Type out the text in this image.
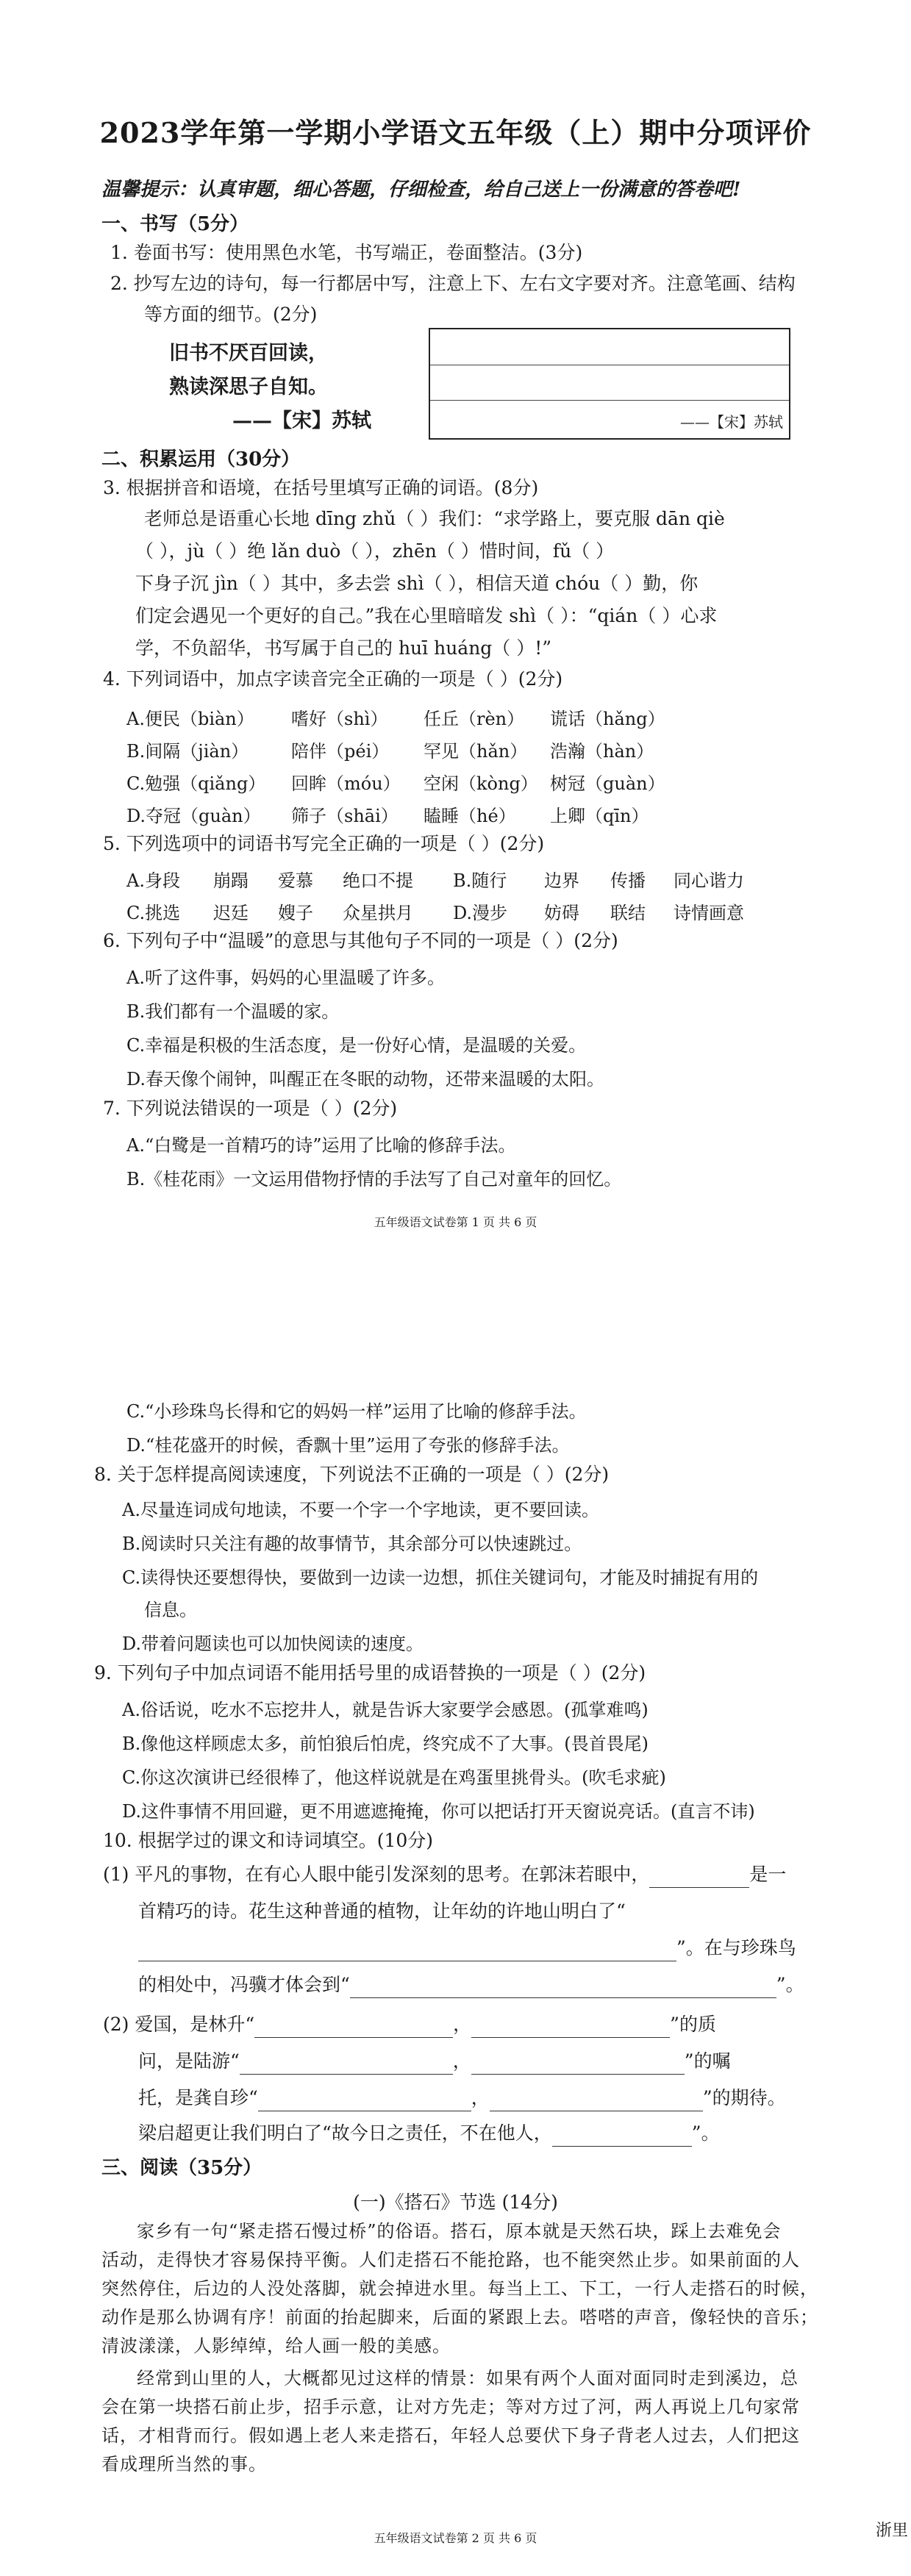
2023学年第一学期小学语文五年级（上）期中分项评价
温馨提示：认真审题，细心答题，仔细检查，给自己送上一份满意的答卷吧!
一、书写（5分）
1. 卷面书写：使用黑色水笔，书写端正，卷面整洁。(3分)
2. 抄写左边的诗句，每一行都居中写，注意上下、左右文字要对齐。注意笔画、结构
等方面的细节。(2分)
旧书不厌百回读，
熟读深思子自知。
——【宋】苏轼	——【宋】苏轼
二、积累运用（30分）
3. 根据拼音和语境，在括号里填写正确的词语。(8分)
老师总是语重心长地 dīng zhǔ（ ）我们：“求学路上，要克服 dān qiè
（ ），jù（ ）绝 lǎn duò（ ），zhēn（ ）惜时间，fǔ（ ）
下身子沉 jìn（ ）其中，多去尝 shì（ ），相信天道 chóu（ ）勤，你
们定会遇见一个更好的自己。”我在心里暗暗发 shì（ ）：“qián（ ）心求
学，不负韶华，书写属于自己的 huī huáng（ ）!”
4. 下列词语中，加点字读音完全正确的一项是（ ）(2分)
A.便民（biàn） 嗜好（shì） 任丘（rèn） 谎话（hǎng）
B.间隔（jiàn） 陪伴（péi） 罕见（hǎn） 浩瀚（hàn）
C.勉强（qiǎng） 回眸（móu） 空闲（kòng） 树冠（guàn）
D.夺冠（guàn） 筛子（shāi） 瞌睡（hé） 上卿（qīn）
5. 下列选项中的词语书写完全正确的一项是（ ）(2分)
A.身段 崩蹋 爱慕 绝口不提 B.随行 边界 传播 同心谐力
C.挑选 迟廷 嫂子 众星拱月 D.漫步 妨碍 联结 诗情画意
6. 下列句子中“温暖”的意思与其他句子不同的一项是（ ）(2分)
A.听了这件事，妈妈的心里温暖了许多。
B.我们都有一个温暖的家。
C.幸福是积极的生活态度，是一份好心情，是温暖的关爱。
D.春天像个闹钟，叫醒正在冬眠的动物，还带来温暖的太阳。
7. 下列说法错误的一项是（ ）(2分)
A.“白鹭是一首精巧的诗”运用了比喻的修辞手法。
B.《桂花雨》一文运用借物抒情的手法写了自己对童年的回忆。
五年级语文试卷第 1 页 共 6 页
C.“小珍珠鸟长得和它的妈妈一样”运用了比喻的修辞手法。
D.“桂花盛开的时候，香飘十里”运用了夸张的修辞手法。
8. 关于怎样提高阅读速度，下列说法不正确的一项是（ ）(2分)
A.尽量连词成句地读，不要一个字一个字地读，更不要回读。
B.阅读时只关注有趣的故事情节，其余部分可以快速跳过。
C.读得快还要想得快，要做到一边读一边想，抓住关键词句，才能及时捕捉有用的
信息。
D.带着问题读也可以加快阅读的速度。
9. 下列句子中加点词语不能用括号里的成语替换的一项是（ ）(2分)
A.俗话说，吃水不忘挖井人，就是告诉大家要学会感恩。(孤掌难鸣)
B.像他这样顾虑太多，前怕狼后怕虎，终究成不了大事。(畏首畏尾)
C.你这次演讲已经很棒了，他这样说就是在鸡蛋里挑骨头。(吹毛求疵)
D.这件事情不用回避，更不用遮遮掩掩，你可以把话打开天窗说亮话。(直言不讳)
10. 根据学过的课文和诗词填空。(10分)
(1) 平凡的事物，在有心人眼中能引发深刻的思考。在郭沫若眼中，	是一
首精巧的诗。花生这种普通的植物，让年幼的许地山明白了“
”。在与珍珠鸟
的相处中，冯骥才体会到“	”。
(2) 爱国，是林升“	，	”的质
问，是陆游“	，	”的嘱
托，是龚自珍“	，	”的期待。
梁启超更让我们明白了“故今日之责任，不在他人，	”。
三、阅读（35分）
(一)《搭石》节选 (14分)
家乡有一句“紧走搭石慢过桥”的俗语。搭石，原本就是天然石块，踩上去难免会
活动，走得快才容易保持平衡。人们走搭石不能抢路，也不能突然止步。如果前面的人
突然停住，后边的人没处落脚，就会掉进水里。每当上工、下工，一行人走搭石的时候，
动作是那么协调有序！前面的抬起脚来，后面的紧跟上去。嗒嗒的声音，像轻快的音乐；
清波漾漾，人影绰绰，给人画一般的美感。
经常到山里的人，大概都见过这样的情景：如果有两个人面对面同时走到溪边，总
会在第一块搭石前止步，招手示意，让对方先走；等对方过了河，两人再说上几句家常
话，才相背而行。假如遇上老人来走搭石，年轻人总要伏下身子背老人过去，人们把这
看成理所当然的事。
五年级语文试卷第 2 页 共 6 页	浙里
